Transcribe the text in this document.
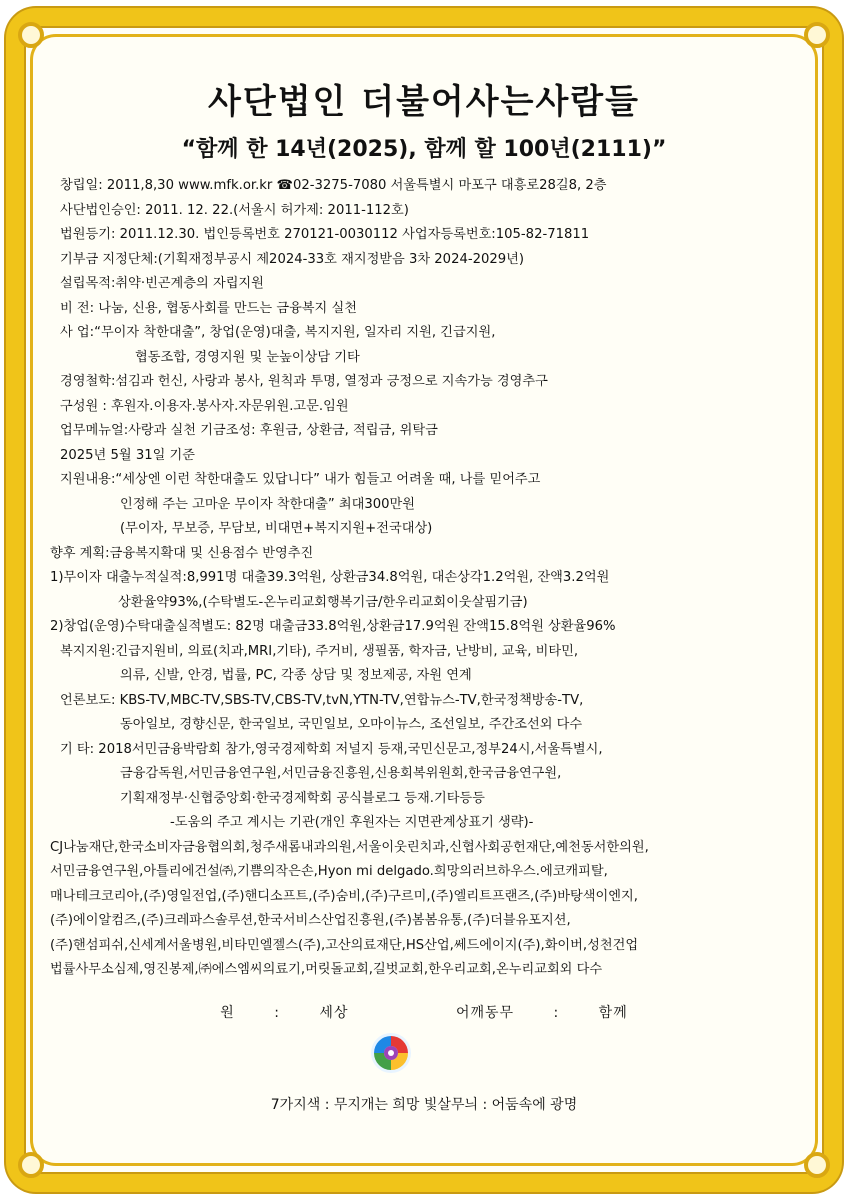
사단법인 더불어사는사람들
“함께 한 14년(2025), 함께 할 100년(2111)”
창립일: 2011,8,30 www.mfk.or.kr ☎02-3275-7080 서울특별시 마포구 대흥로28길8, 2층
사단법인승인: 2011. 12. 22.(서울시 허가제: 2011-112호)
법원등기: 2011.12.30. 법인등록번호 270121-0030112 사업자등록번호:105-82-71811
기부금 지정단체:(기획재정부공시 제2024-33호 재지정받음 3차 2024-2029년)
설립목적:취약·빈곤계층의 자립지원
비 전: 나눔, 신용, 협동사회를 만드는 금융복지 실천
사 업:“무이자 착한대출”, 창업(운영)대출, 복지지원, 일자리 지원, 긴급지원,
협동조합, 경영지원 및 눈높이상담 기타
경영철학:섬김과 헌신, 사랑과 봉사, 원칙과 투명, 열정과 긍정으로 지속가능 경영추구
구성원 : 후원자.이용자.봉사자.자문위원.고문.임원
업무메뉴얼:사랑과 실천 기금조성: 후원금, 상환금, 적립금, 위탁금
2025년 5월 31일 기준
지원내용:“세상엔 이런 착한대출도 있답니다” 내가 힘들고 어려울 때, 나를 믿어주고
인정해 주는 고마운 무이자 착한대출” 최대300만원
(무이자, 무보증, 무담보, 비대면+복지지원+전국대상)
향후 계획:금융복지확대 및 신용점수 반영추진
1)무이자 대출누적실적:8,991명 대출39.3억원, 상환금34.8억원, 대손상각1.2억원, 잔액3.2억원
상환율약93%,(수탁별도-온누리교회행복기금/한우리교회이웃살핌기금)
2)창업(운영)수탁대출실적별도: 82명 대출금33.8억원,상환금17.9억원 잔액15.8억원 상환율96%
복지지원:긴급지원비, 의료(치과,MRI,기타), 주거비, 생필품, 학자금, 난방비, 교육, 비타민,
의류, 신발, 안경, 법률, PC, 각종 상담 및 정보제공, 자원 연계
언론보도: KBS-TV,MBC-TV,SBS-TV,CBS-TV,tvN,YTN-TV,연합뉴스-TV,한국정책방송-TV,
동아일보, 경향신문, 한국일보, 국민일보, 오마이뉴스, 조선일보, 주간조선외 다수
기 타: 2018서민금융박람회 참가,영국경제학회 저널지 등재,국민신문고,정부24시,서울특별시,
금융감독원,서민금융연구원,서민금융진흥원,신용회복위원회,한국금융연구원,
기획재정부·신협중앙회·한국경제학회 공식블로그 등재.기타등등
-도움의 주고 계시는 기관(개인 후원자는 지면관계상표기 생략)-
CJ나눔재단,한국소비자금융협의회,청주새롬내과의원,서울이웃린치과,신협사회공헌재단,예천동서한의원,
서민금융연구원,아틀리에건설㈜,기쁨의작은손,Hyon mi delgado.희망의러브하우스.에코캐피탈,
매나테크코리아,(주)영일전업,(주)핸디소프트,(주)숨비,(주)구르미,(주)엘리트프랜즈,(주)바탕색이엔지,
(주)에이알컴즈,(주)크레파스솔루션,한국서비스산업진흥원,(주)봄봄유통,(주)더블유포지션,
(주)핸섬피쉬,신세계서울병원,비타민엘젤스(주),고산의료재단,HS산업,쎄드에이지(주),화이버,성천건업
법률사무소심제,영진봉제,㈜에스엠씨의료기,머릿돌교회,길벗교회,한우리교회,온누리교회외 다수
원	:	세상	어깨동무	:	함께
7가지색 : 무지개는 희망 빛살무늬 : 어둠속에 광명
